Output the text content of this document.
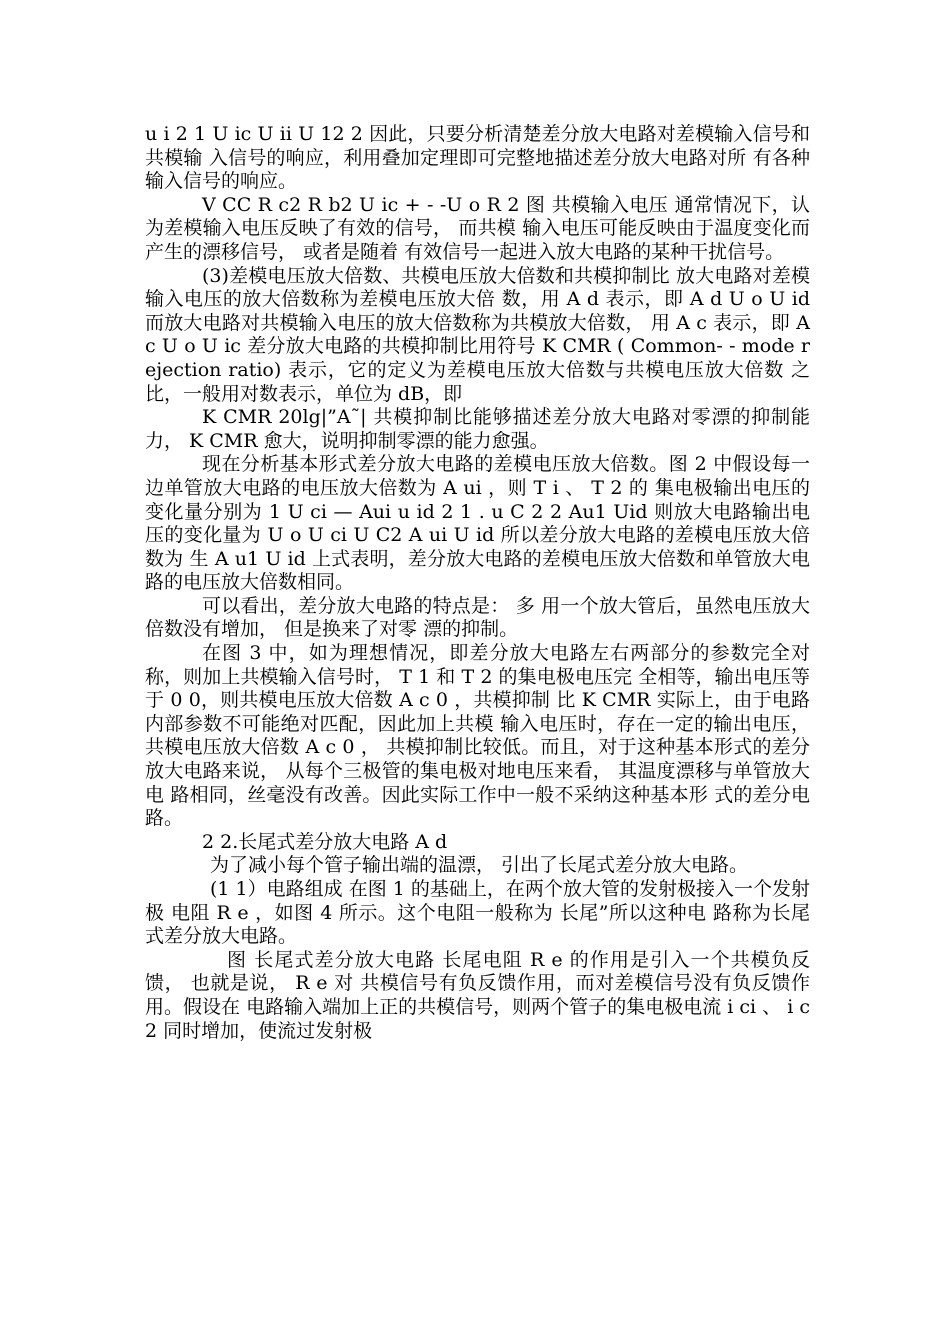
u i 2 1 U ic U ii U 12 2 因此，只要分析清楚差分放大电路对差模输入信号和共模输 入信号的响应，利用叠加定理即可完整地描述差分放大电路对所 有各种输入信号的响应。

V CC R c2 R b2 U ic + - -U o R 2 图 共模输入电压 通常情况下，认为差模输入电压反映了有效的信号， 而共模 输入电压可能反映由于温度变化而产生的漂移信号， 或者是随着 有效信号一起进入放大电路的某种干扰信号。

(3)差模电压放大倍数、共模电压放大倍数和共模抑制比 放大电路对差模输入电压的放大倍数称为差模电压放大倍 数，用 A d 表示，即 A d U o U id 而放大电路对共模输入电压的放大倍数称为共模放大倍数， 用 A c 表示，即 A c U o U ic 差分放大电路的共模抑制比用符号 K CMR ( Common- - mode rejection ratio) 表示，它的定义为差模电压放大倍数与共模电压放大倍数 之比，一般用对数表示，单位为 dB，即

K CMR 20lg|”A˜| 共模抑制比能够描述差分放大电路对零漂的抑制能力， K CMR 愈大，说明抑制零漂的能力愈强。

现在分析基本形式差分放大电路的差模电压放大倍数。图 2 中假设每一边单管放大电路的电压放大倍数为 A ui ，则 T i 、 T 2 的 集电极输出电压的变化量分别为 1 U ci — Aui u id 2 1 . u C 2 2 Au1 Uid 则放大电路输出电压的变化量为 U o U ci U C2 A ui U id 所以差分放大电路的差模电压放大倍数为 生 A u1 U id 上式表明，差分放大电路的差模电压放大倍数和单管放大电 路的电压放大倍数相同。

可以看出，差分放大电路的特点是： 多 用一个放大管后，虽然电压放大倍数没有增加， 但是换来了对零 漂的抑制。

在图 3 中，如为理想情况，即差分放大电路左右两部分的参数完全对称，则加上共模输入信号时， T 1 和 T 2 的集电极电压完 全相等，输出电压等于 0 0，则共模电压放大倍数 A c 0 ，共模抑制 比 K CMR 实际上，由于电路内部参数不可能绝对匹配，因此加上共模 输入电压时，存在一定的输出电压，共模电压放大倍数 A c 0 ， 共模抑制比较低。而且，对于这种基本形式的差分放大电路来说， 从每个三极管的集电极对地电压来看， 其温度漂移与单管放大电 路相同，丝毫没有改善。因此实际工作中一般不采纳这种基本形 式的差分电路。

2 2.长尾式差分放大电路 A d

为了减小每个管子输出端的温漂， 引出了长尾式差分放大电路。

(1 1）电路组成 在图 1 的基础上，在两个放大管的发射极接入一个发射极 电阻 R e ，如图 4 所示。这个电阻一般称为 长尾”所以这种电 路称为长尾式差分放大电路。

图 长尾式差分放大电路 长尾电阻 R e 的作用是引入一个共模负反馈， 也就是说， R e 对 共模信号有负反馈作用，而对差模信号没有负反馈作用。假设在 电路输入端加上正的共模信号，则两个管子的集电极电流 i ci 、 i c2 同时增加，使流过发射极
